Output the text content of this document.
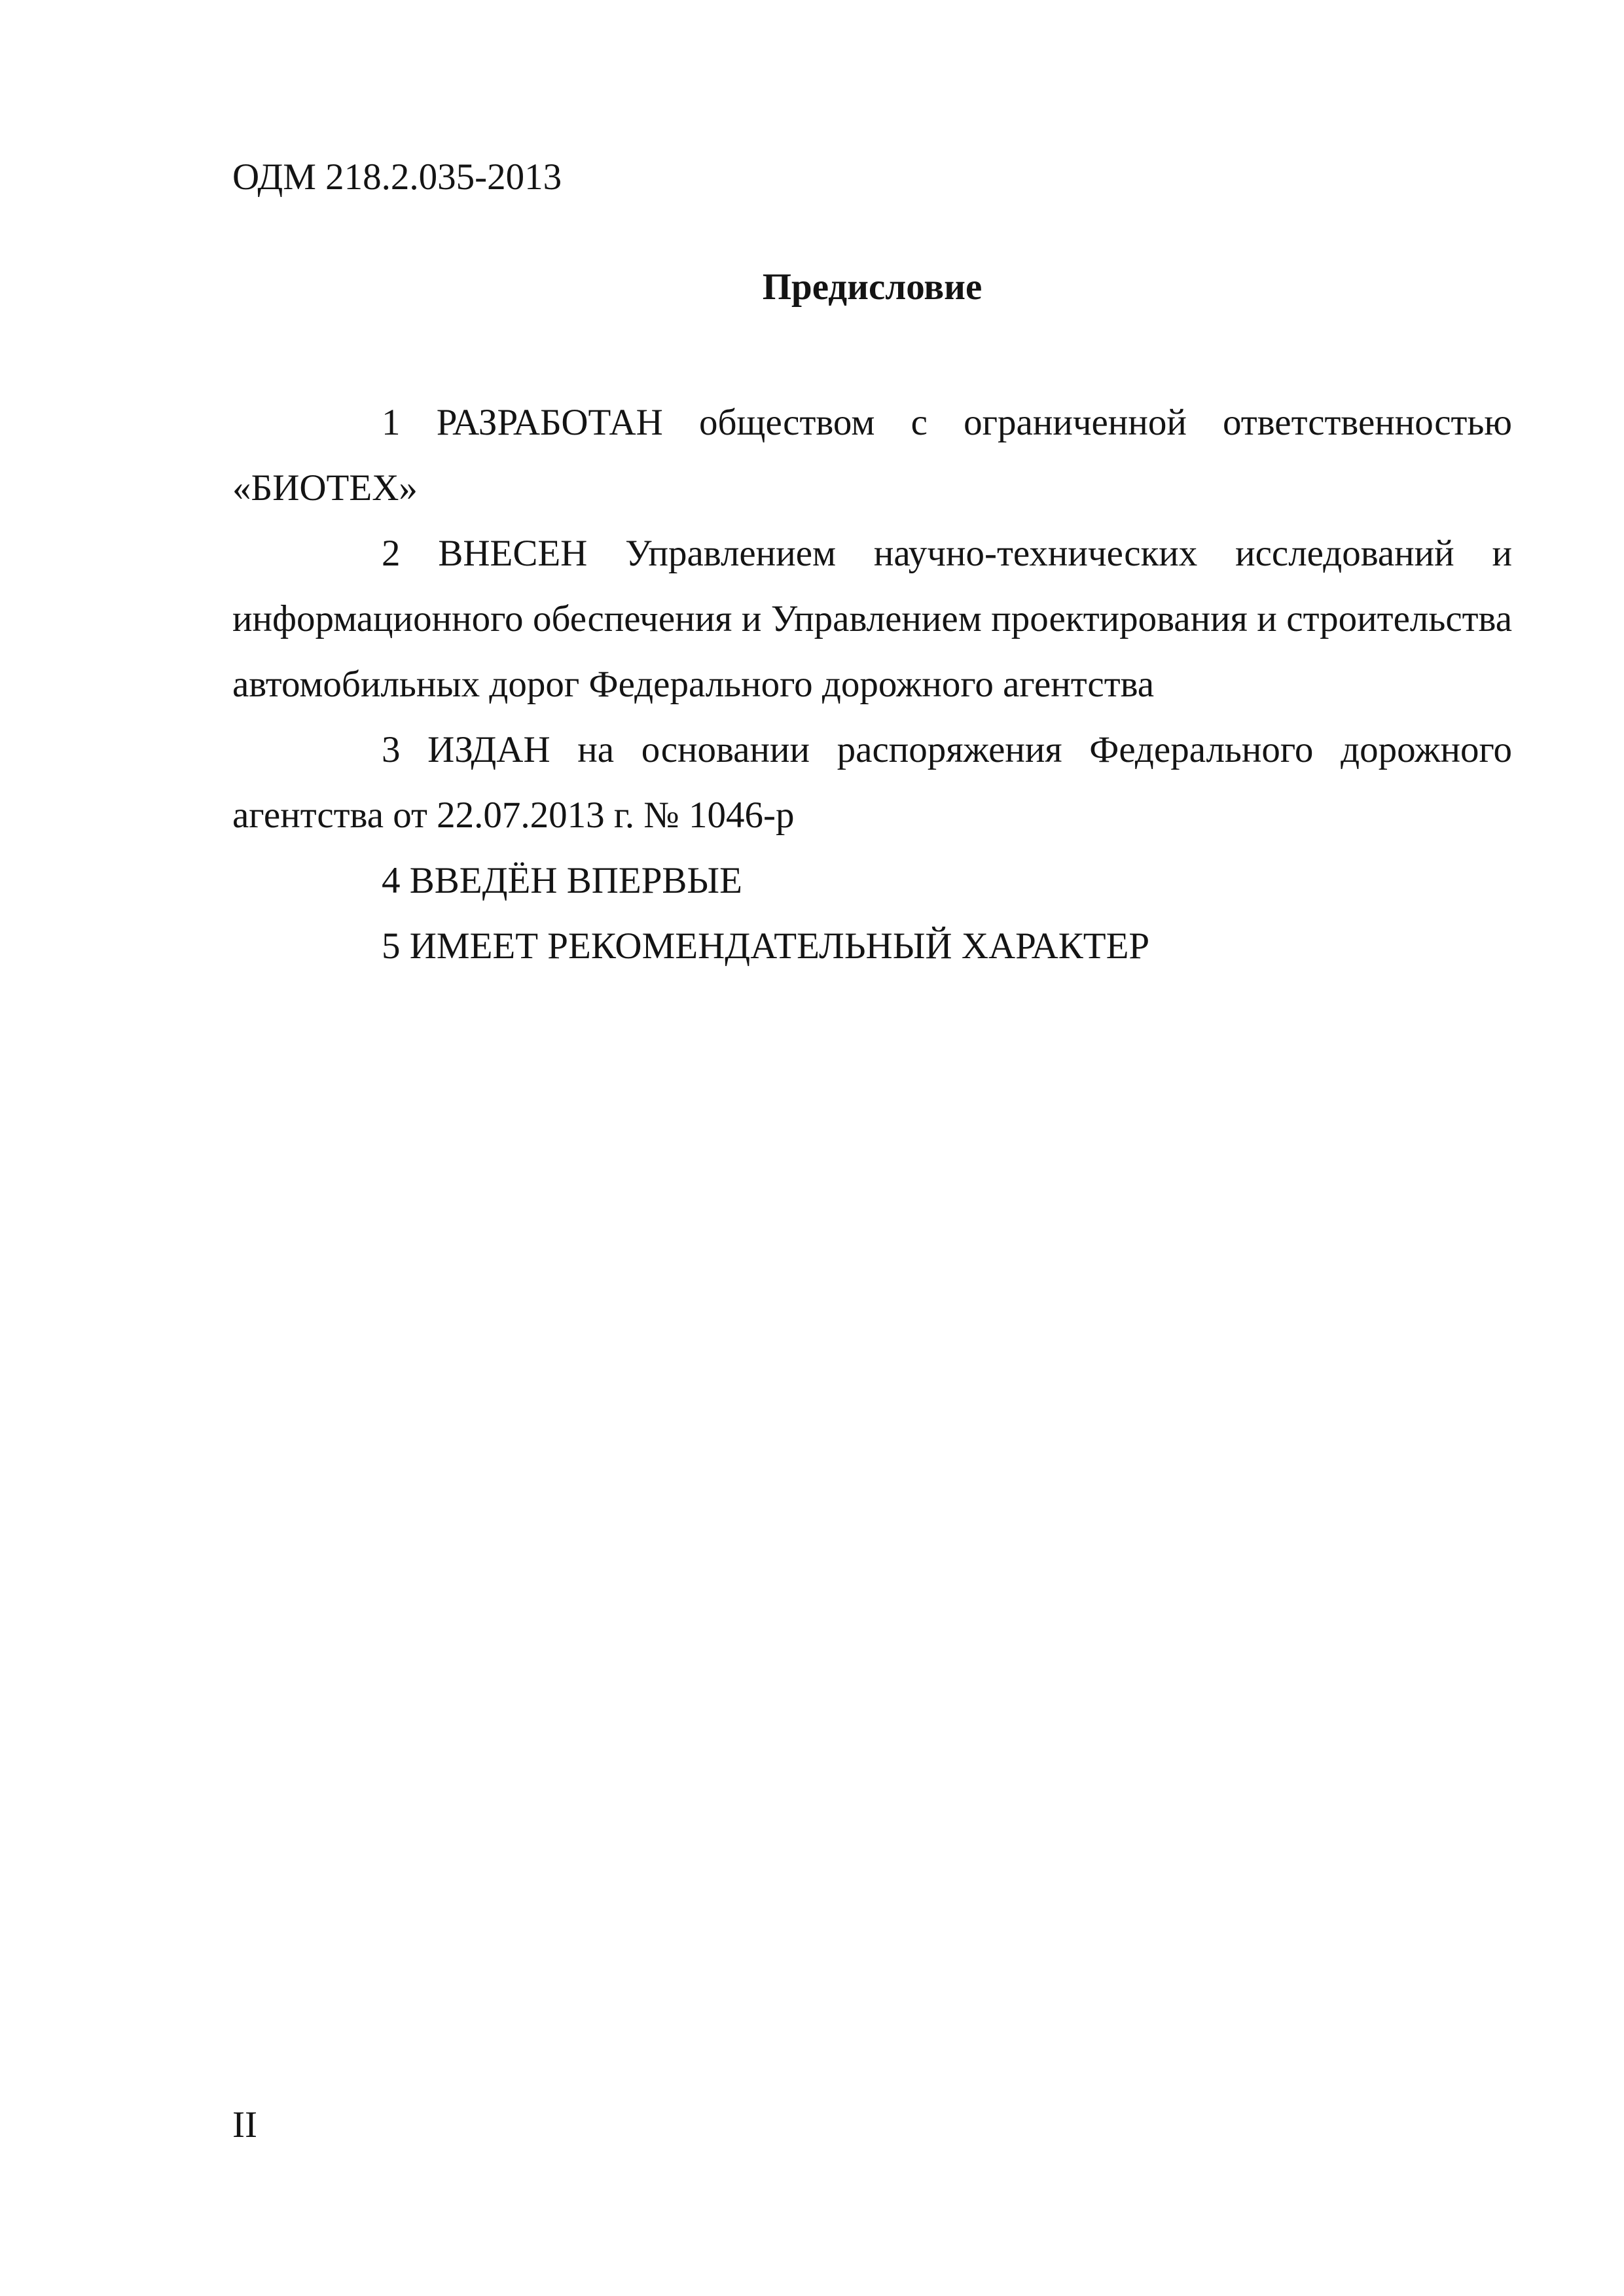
ОДМ 218.2.035-2013
Предисловие

1 РАЗРАБОТАН обществом с ограниченной ответственностью «БИОТЕХ»

2 ВНЕСЕН Управлением научно-технических исследований и информационного обеспечения и Управлением проектирования и строительства автомобильных дорог Федерального дорожного агентства

3 ИЗДАН на основании распоряжения Федерального дорожного агентства от 22.07.2013 г. № 1046-р

4 ВВЕДЁН ВПЕРВЫЕ

5 ИМЕЕТ РЕКОМЕНДАТЕЛЬНЫЙ ХАРАКТЕР

II
